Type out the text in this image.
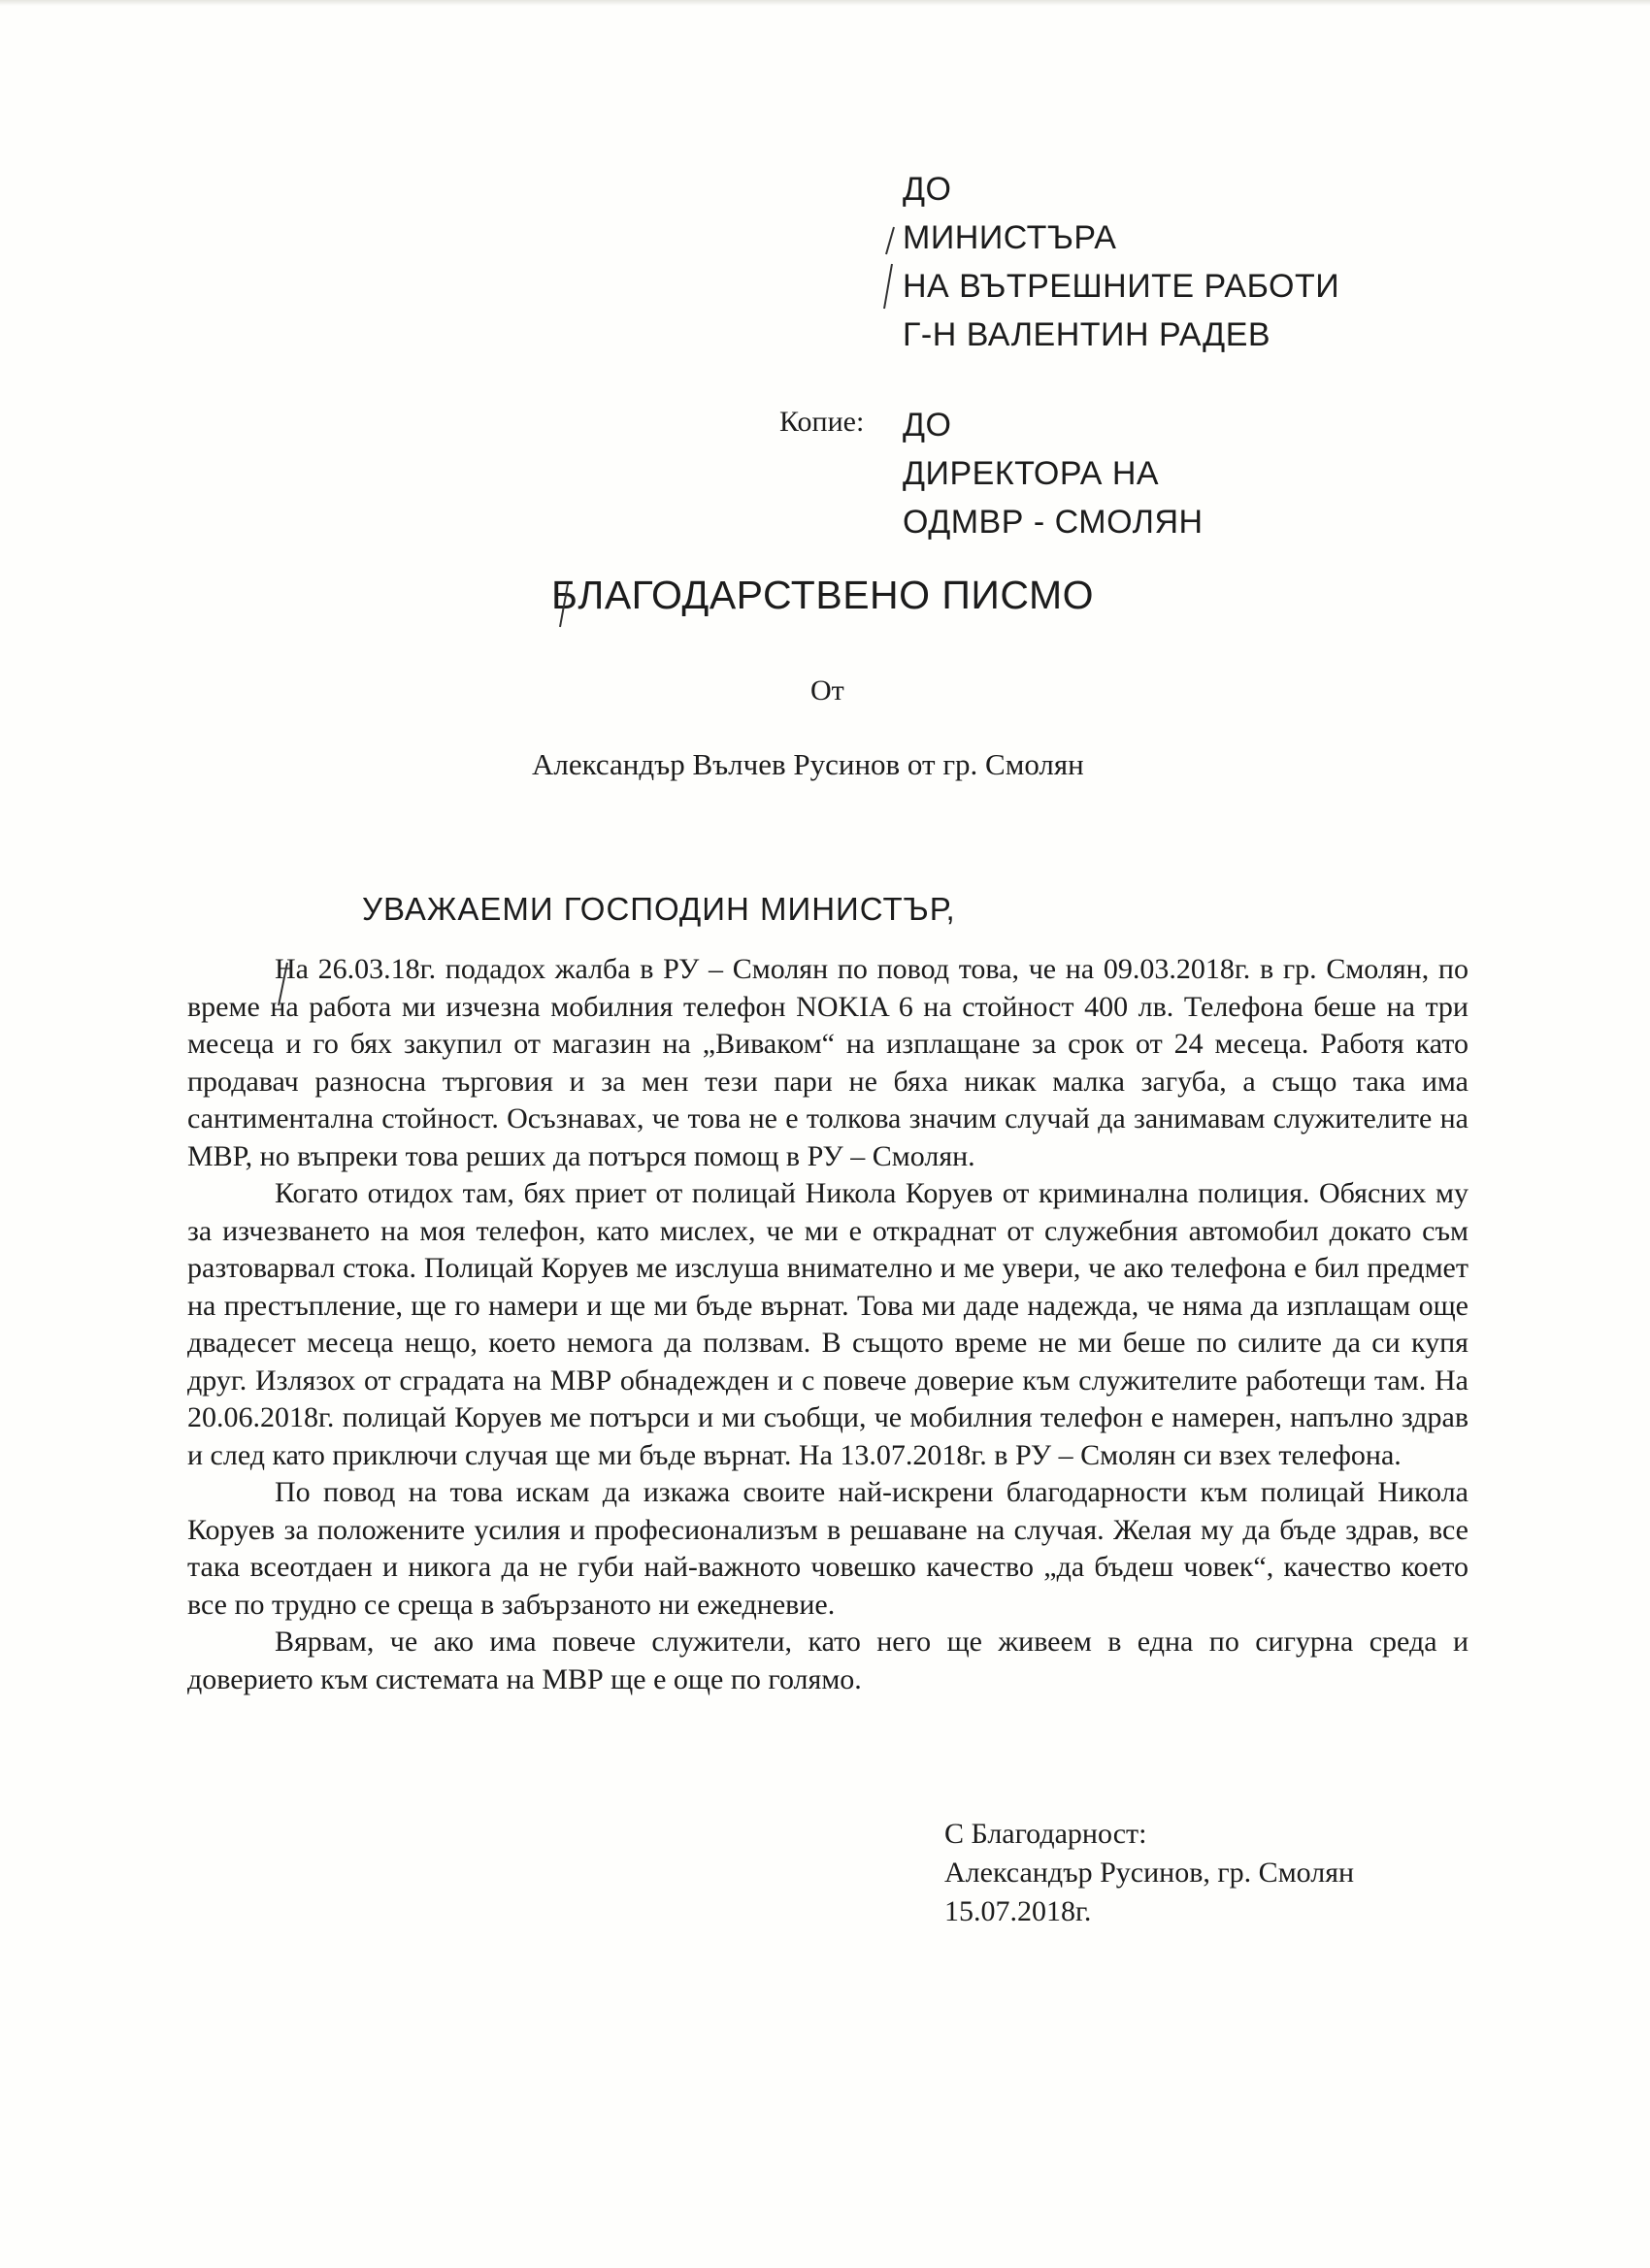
ДО
МИНИСТЪРА
НА ВЪТРЕШНИТЕ РАБОТИ
Г-Н ВАЛЕНТИН РАДЕВ
Копие: ДО
ДИРЕКТОРА НА
ОДМВР - СМОЛЯН
БЛАГОДАРСТВЕНО ПИСМО
От
Александър Вълчев Русинов от гр. Смолян
УВАЖАЕМИ ГОСПОДИН МИНИСТЪР,

На 26.03.18г. подадох жалба в РУ – Смолян по повод това, че на 09.03.2018г. в гр. Смолян, по време на работа ми изчезна мобилния телефон NOKIA 6 на стойност 400 лв. Телефона беше на три месеца и го бях закупил от магазин на „Виваком“ на изплащане за срок от 24 месеца. Работя като продавач разносна търговия и за мен тези пари не бяха никак малка загуба, а също така има сантиментална стойност. Осъзнавах, че това не е толкова значим случай да занимавам служителите на МВР, но въпреки това реших да потърся помощ в РУ – Смолян.

Когато отидох там, бях приет от полицай Никола Коруев от криминална полиция. Обясних му за изчезването на моя телефон, като мислех, че ми е откраднат от служебния автомобил докато съм разтоварвал стока. Полицай Коруев ме изслуша внимателно и ме увери, че ако телефона е бил предмет на престъпление, ще го намери и ще ми бъде върнат. Това ми даде надежда, че няма да изплащам още двадесет месеца нещо, което немога да ползвам. В същото време не ми беше по силите да си купя друг. Излязох от сградата на МВР обнадежден и с повече доверие към служителите работещи там. На 20.06.2018г. полицай Коруев ме потърси и ми съобщи, че мобилния телефон е намерен, напълно здрав и след като приключи случая ще ми бъде върнат. На 13.07.2018г. в РУ – Смолян си взех телефона.

По повод на това искам да изкажа своите най-искрени благодарности към полицай Никола Коруев за положените усилия и професионализъм в решаване на случая. Желая му да бъде здрав, все така всеотдаен и никога да не губи най-важното човешко качество „да бъдеш човек“, качество което все по трудно се среща в забързаното ни ежедневие.

Вярвам, че ако има повече служители, като него ще живеем в една по сигурна среда и доверието към системата на МВР ще е още по голямо.

С Благодарност:
Александър Русинов, гр. Смолян
15.07.2018г.
